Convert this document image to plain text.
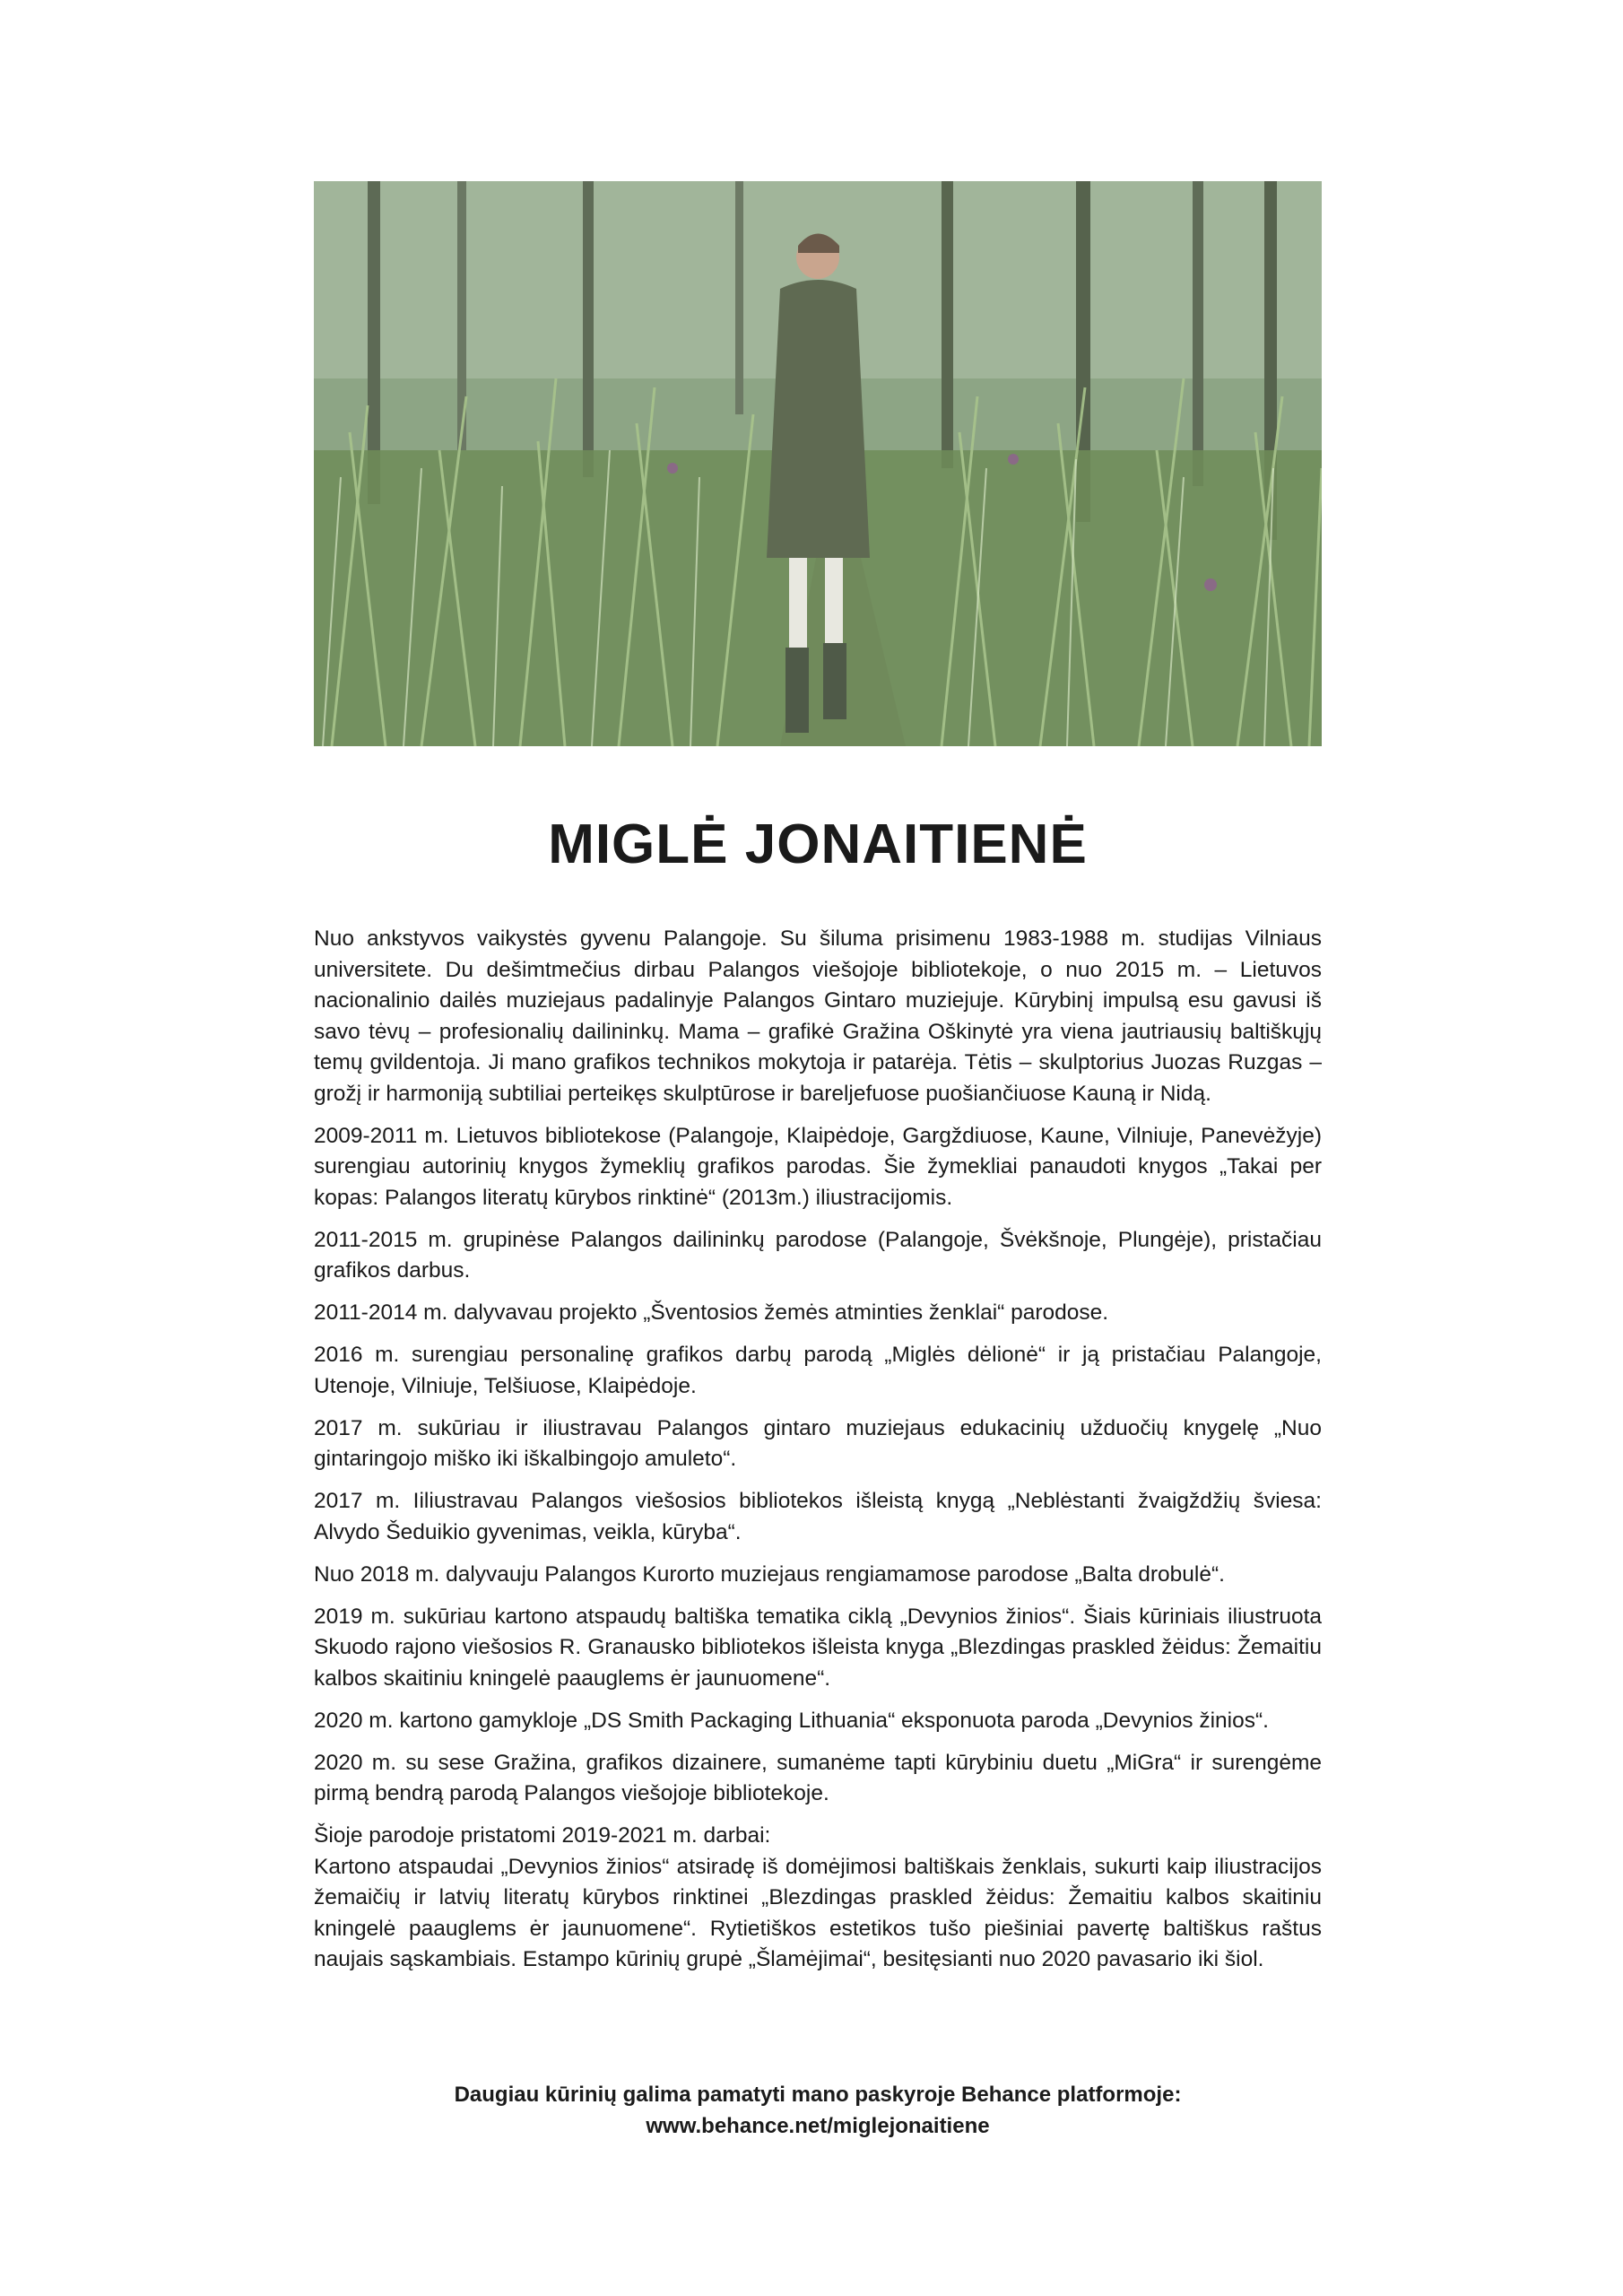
MIGLĖ JONAITIENĖ

Nuo ankstyvos vaikystės gyvenu Palangoje. Su šiluma prisimenu 1983-1988 m. studijas Vilniaus universitete. Du dešimtmečius dirbau Palangos viešojoje bibliotekoje, o nuo 2015 m. – Lietuvos nacionalinio dailės muziejaus padalinyje Palangos Gintaro muziejuje. Kūrybinį impulsą esu gavusi iš savo tėvų – profesionalių dailininkų. Mama – grafikė Gražina Oškinytė yra viena jautriausių baltiškųjų temų gvildentoja. Ji mano grafikos technikos mokytoja ir patarėja. Tėtis – skulptorius Juozas Ruzgas – grožį ir harmoniją subtiliai perteikęs skulptūrose ir bareljefuose puošiančiuose Kauną ir Nidą.

2009-2011 m. Lietuvos bibliotekose (Palangoje, Klaipėdoje, Gargždiuose, Kaune, Vilniuje, Panevėžyje) surengiau autorinių knygos žymeklių grafikos parodas. Šie žymekliai panaudoti knygos „Takai per kopas: Palangos literatų kūrybos rinktinė“ (2013m.) iliustracijomis.

2011-2015 m. grupinėse Palangos dailininkų parodose (Palangoje, Švėkšnoje, Plungėje), pristačiau grafikos darbus.

2011-2014 m. dalyvavau projekto „Šventosios žemės atminties ženklai“ parodose.

2016 m. surengiau personalinę grafikos darbų parodą „Miglės dėlionė“ ir ją pristačiau Palangoje, Utenoje, Vilniuje, Telšiuose, Klaipėdoje.

2017 m. sukūriau ir iliustravau Palangos gintaro muziejaus edukacinių užduočių knygelę „Nuo gintaringojo miško iki iškalbingojo amuleto“.

2017 m. Iiliustravau Palangos viešosios bibliotekos išleistą knygą „Neblėstanti žvaigždžių šviesa: Alvydo Šeduikio gyvenimas, veikla, kūryba“.

Nuo 2018 m. dalyvauju Palangos Kurorto muziejaus rengiamamose parodose „Balta drobulė“.

2019 m. sukūriau kartono atspaudų baltiška tematika ciklą „Devynios žinios“. Šiais kūriniais iliustruota Skuodo rajono viešosios R. Granausko bibliotekos išleista knyga „Blezdingas praskled žėidus: Žemaitiu kalbos skaitiniu kningelė paauglems ėr jaunuomene“.

2020 m. kartono gamykloje „DS Smith Packaging Lithuania“ eksponuota paroda „Devynios žinios“.

2020 m. su sese Gražina, grafikos dizainere, sumanėme tapti kūrybiniu duetu „MiGra“ ir surengėme pirmą bendrą parodą Palangos viešojoje bibliotekoje.

Šioje parodoje pristatomi 2019-2021 m. darbai:

Kartono atspaudai „Devynios žinios“ atsiradę iš domėjimosi baltiškais ženklais, sukurti kaip iliustracijos žemaičių ir latvių literatų kūrybos rinktinei „Blezdingas praskled žėidus: Žemaitiu kalbos skaitiniu kningelė paauglems ėr jaunuomene“. Rytietiškos estetikos tušo piešiniai pavertę baltiškus raštus naujais sąskambiais. Estampo kūrinių grupė „Šlamėjimai“, besitęsianti nuo 2020 pavasario iki šiol.

Daugiau kūrinių galima pamatyti mano paskyroje Behance platformoje:
www.behance.net/miglejonaitiene
